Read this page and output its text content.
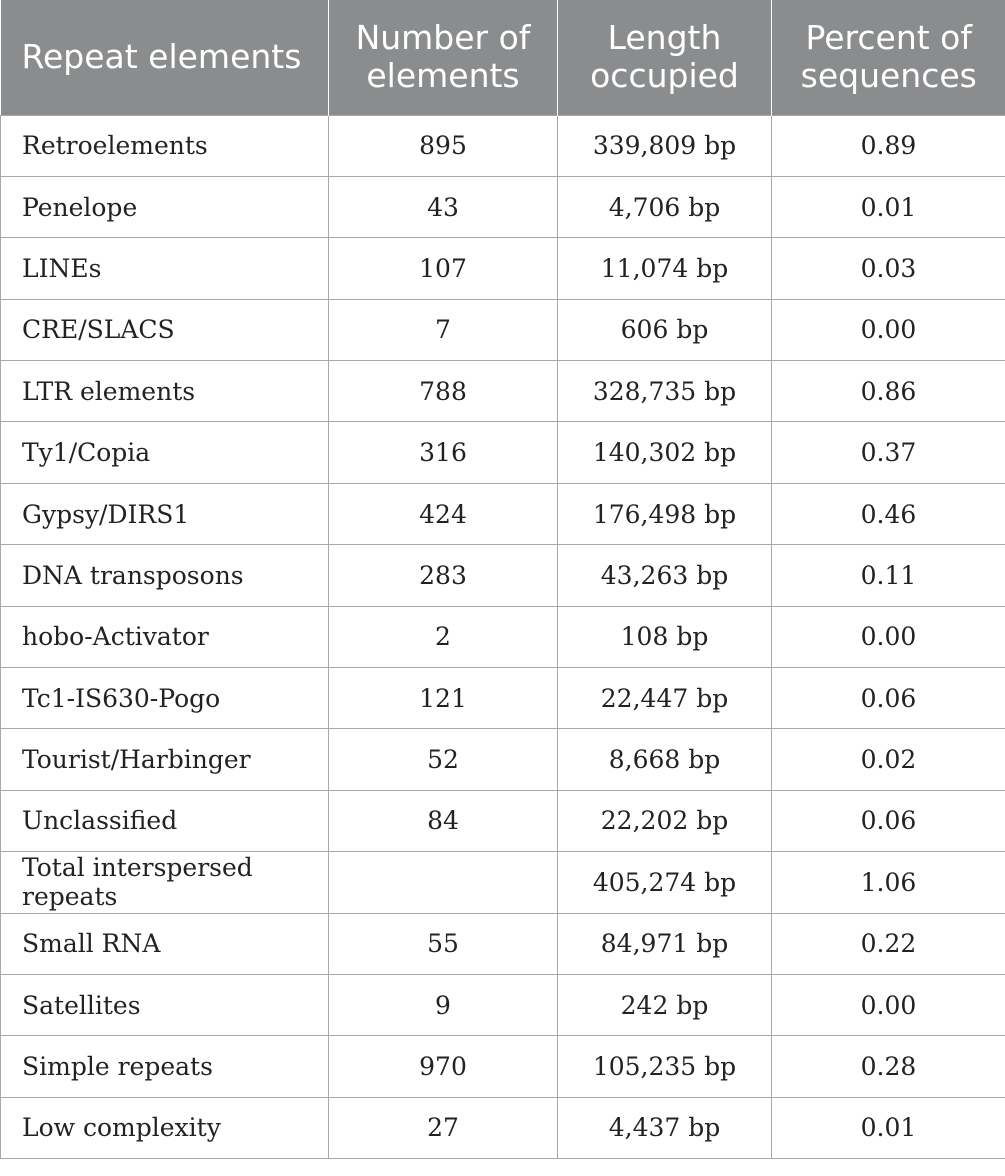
Repeat elements	Number of elements	Length occupied	Percent of sequences
Retroelements	895	339,809 bp	0.89
Penelope	43	4,706 bp	0.01
LINEs	107	11,074 bp	0.03
CRE/SLACS	7	606 bp	0.00
LTR elements	788	328,735 bp	0.86
Ty1/Copia	316	140,302 bp	0.37
Gypsy/DIRS1	424	176,498 bp	0.46
DNA transposons	283	43,263 bp	0.11
hobo-Activator	2	108 bp	0.00
Tc1-IS630-Pogo	121	22,447 bp	0.06
Tourist/Harbinger	52	8,668 bp	0.02
Unclassified	84	22,202 bp	0.06
Total interspersed repeats		405,274 bp	1.06
Small RNA	55	84,971 bp	0.22
Satellites	9	242 bp	0.00
Simple repeats	970	105,235 bp	0.28
Low complexity	27	4,437 bp	0.01
